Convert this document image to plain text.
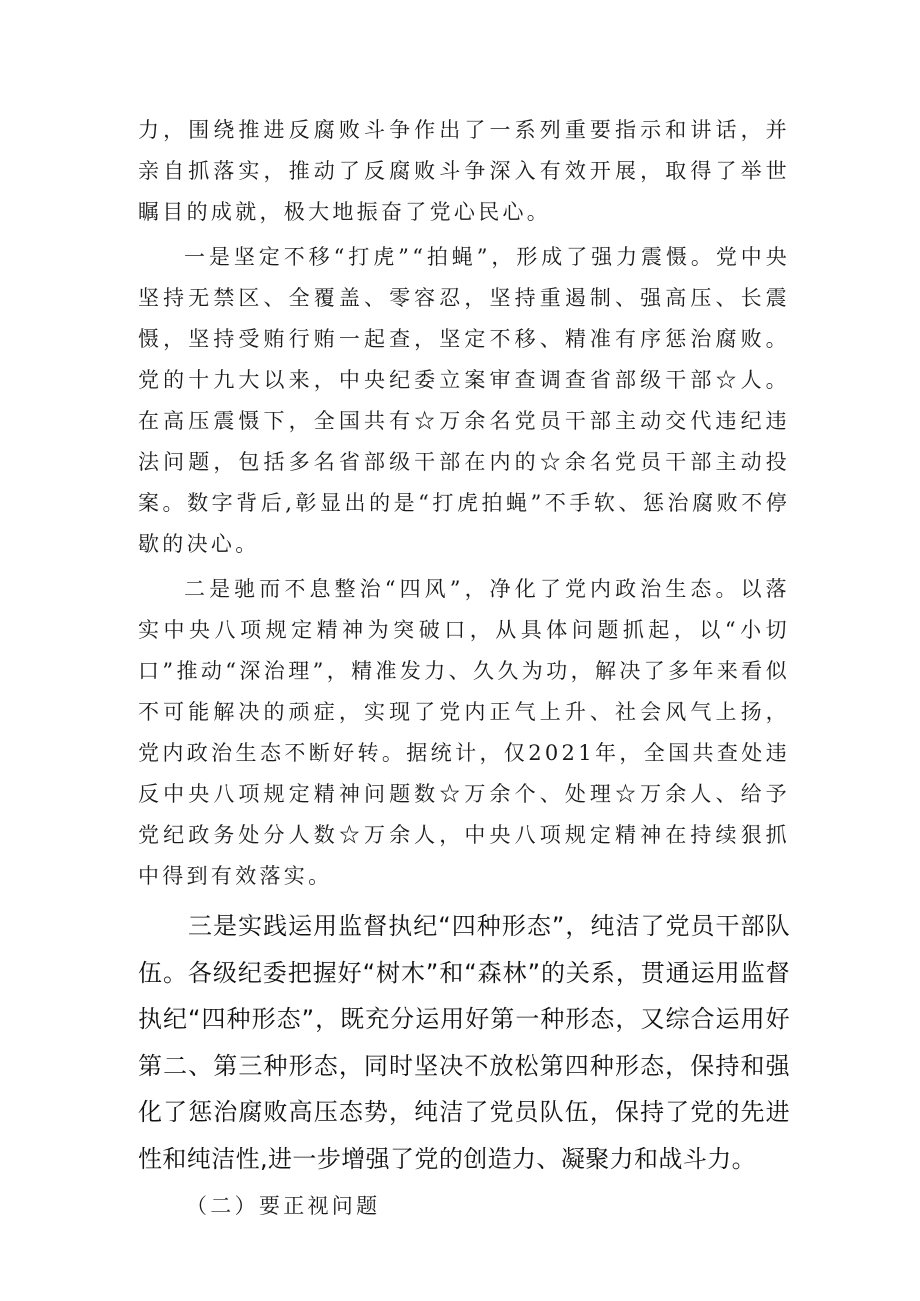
力，围绕推进反腐败斗争作出了一系列重要指示和讲话，并亲自抓落实，推动了反腐败斗争深入有效开展，取得了举世瞩目的成就，极大地振奋了党心民心。

一是坚定不移“打虎”“拍蝇”，形成了强力震慑。党中央坚持无禁区、全覆盖、零容忍，坚持重遏制、强高压、长震慑，坚持受贿行贿一起查，坚定不移、精准有序惩治腐败。党的十九大以来，中央纪委立案审查调查省部级干部☆人。在高压震慑下，全国共有☆万余名党员干部主动交代违纪违法问题，包括多名省部级干部在内的☆余名党员干部主动投案。数字背后,彰显出的是“打虎拍蝇”不手软、惩治腐败不停歇的决心。

二是驰而不息整治“四风”，净化了党内政治生态。以落实中央八项规定精神为突破口，从具体问题抓起，以“小切口”推动“深治理”，精准发力、久久为功，解决了多年来看似不可能解决的顽症，实现了党内正气上升、社会风气上扬，党内政治生态不断好转。据统计，仅2021年，全国共查处违反中央八项规定精神问题数☆万余个、处理☆万余人、给予党纪政务处分人数☆万余人，中央八项规定精神在持续狠抓中得到有效落实。

三是实践运用监督执纪“四种形态”，纯洁了党员干部队伍。各级纪委把握好“树木”和“森林”的关系，贯通运用监督执纪“四种形态”，既充分运用好第一种形态，又综合运用好第二、第三种形态，同时坚决不放松第四种形态，保持和强化了惩治腐败高压态势，纯洁了党员队伍，保持了党的先进性和纯洁性,进一步增强了党的创造力、凝聚力和战斗力。

（二）要正视问题
